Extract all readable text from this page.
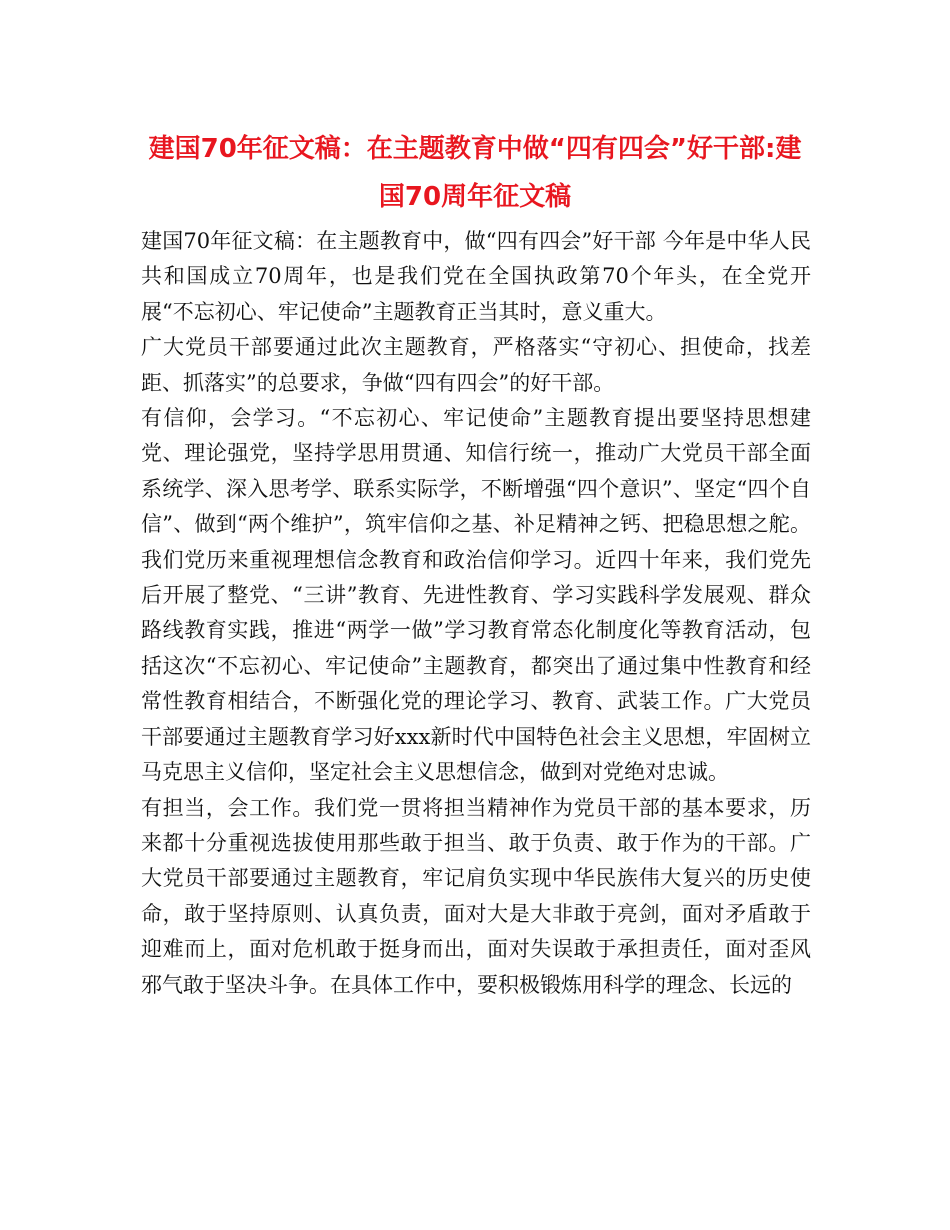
建国70年征文稿：在主题教育中做“四有四会”好干部:建国70周年征文稿

建国70年征文稿：在主题教育中，做“四有四会”好干部 今年是中华人民共和国成立70周年，也是我们党在全国执政第70个年头，在全党开展“不忘初心、牢记使命”主题教育正当其时，意义重大。

广大党员干部要通过此次主题教育，严格落实“守初心、担使命，找差距、抓落实”的总要求，争做“四有四会”的好干部。

有信仰，会学习。“不忘初心、牢记使命”主题教育提出要坚持思想建党、理论强党，坚持学思用贯通、知信行统一，推动广大党员干部全面系统学、深入思考学、联系实际学，不断增强“四个意识”、坚定“四个自信”、做到“两个维护”，筑牢信仰之基、补足精神之钙、把稳思想之舵。我们党历来重视理想信念教育和政治信仰学习。近四十年来，我们党先后开展了整党、“三讲”教育、先进性教育、学习实践科学发展观、群众路线教育实践，推进“两学一做”学习教育常态化制度化等教育活动，包括这次“不忘初心、牢记使命”主题教育，都突出了通过集中性教育和经常性教育相结合，不断强化党的理论学习、教育、武装工作。广大党员干部要通过主题教育学习好xxx新时代中国特色社会主义思想，牢固树立马克思主义信仰，坚定社会主义思想信念，做到对党绝对忠诚。

有担当，会工作。我们党一贯将担当精神作为党员干部的基本要求，历来都十分重视选拔使用那些敢于担当、敢于负责、敢于作为的干部。广大党员干部要通过主题教育，牢记肩负实现中华民族伟大复兴的历史使命，敢于坚持原则、认真负责，面对大是大非敢于亮剑，面对矛盾敢于迎难而上，面对危机敢于挺身而出，面对失误敢于承担责任，面对歪风邪气敢于坚决斗争。在具体工作中，要积极锻炼用科学的理念、长远的
